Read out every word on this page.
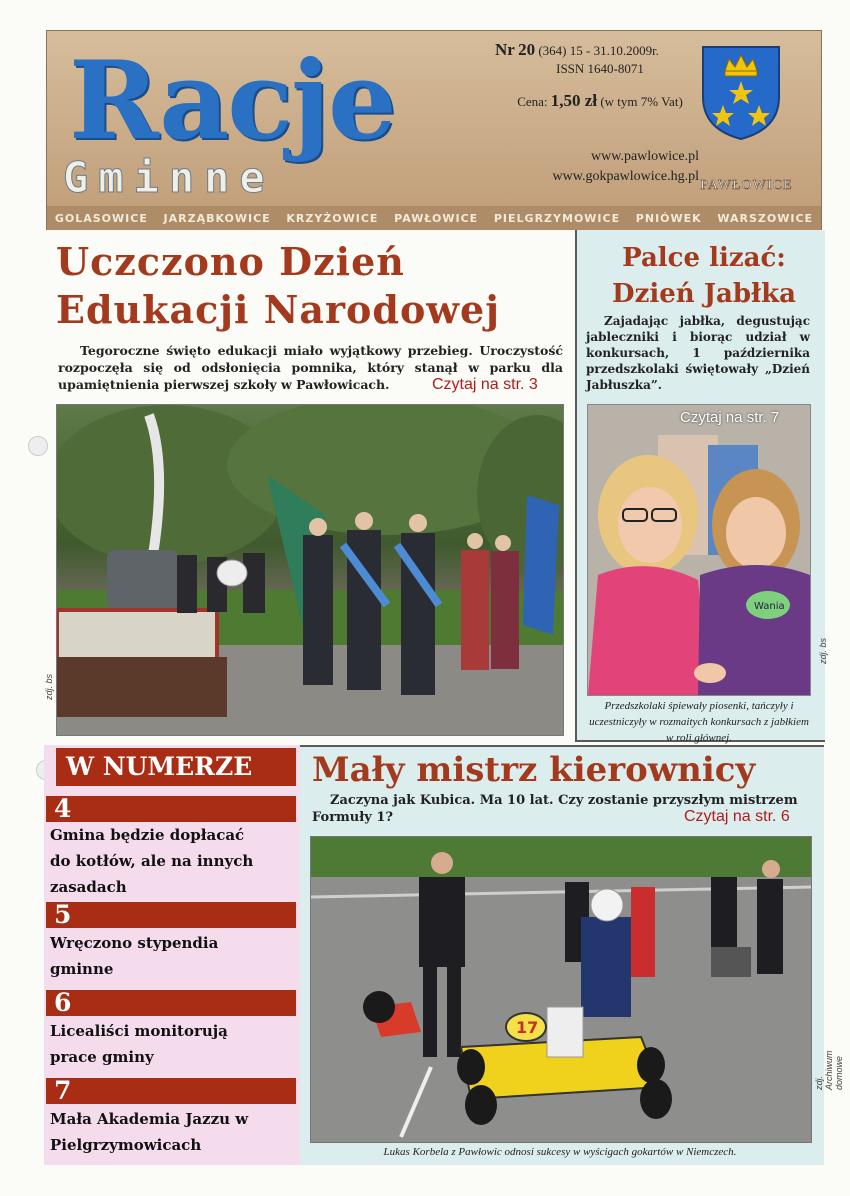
Racje
Gminne
Nr 20 (364) 15 - 31.10.2009r.
ISSN 1640-8071
Cena: 1,50 zł (w tym 7% Vat)
www.pawlowice.pl
www.gokpawlowice.hg.pl
PAWŁOWICE
GOLASOWICE JARZĄBKOWICE KRZYŻOWICE PAWŁOWICE PIELGRZYMOWICE PNIÓWEK WARSZOWICE
Uczczono Dzień
Edukacji Narodowej
Tegoroczne święto edukacji miało wyjątkowy przebieg. Uroczystość rozpoczęła się od odsłonięcia pomnika, który stanął w parku dla upamiętnienia pierwszej szkoły w Pawłowicach.	Czytaj na str. 3
zdj. bs
Palce lizać:
Dzień Jabłka
Zajadając jabłka, degustując jableczniki i biorąc udział w konkursach, 1 października przedszkolaki świętowały „Dzień Jabłuszka”.
Wania
Czytaj na str. 7
zdj. bs
Przedszkolaki śpiewały piosenki, tańczyły i uczestniczyły w rozmaitych konkursach z jabłkiem w roli głównej.
W NUMERZE
4
Gmina będzie dopłacać
do kotłów, ale na innych
zasadach
5
Wręczono stypendia
gminne
6
Licealiści monitorują
prace gminy
7
Mała Akademia Jazzu w
Pielgrzymowicach
Mały mistrz kierownicy
Zaczyna jak Kubica. Ma 10 lat. Czy zostanie przyszłym mistrzem Formuły 1?	Czytaj na str. 6
17
zdj. Archiwum domowe
Lukas Korbela z Pawłowic odnosi sukcesy w wyścigach gokartów w Niemczech.
